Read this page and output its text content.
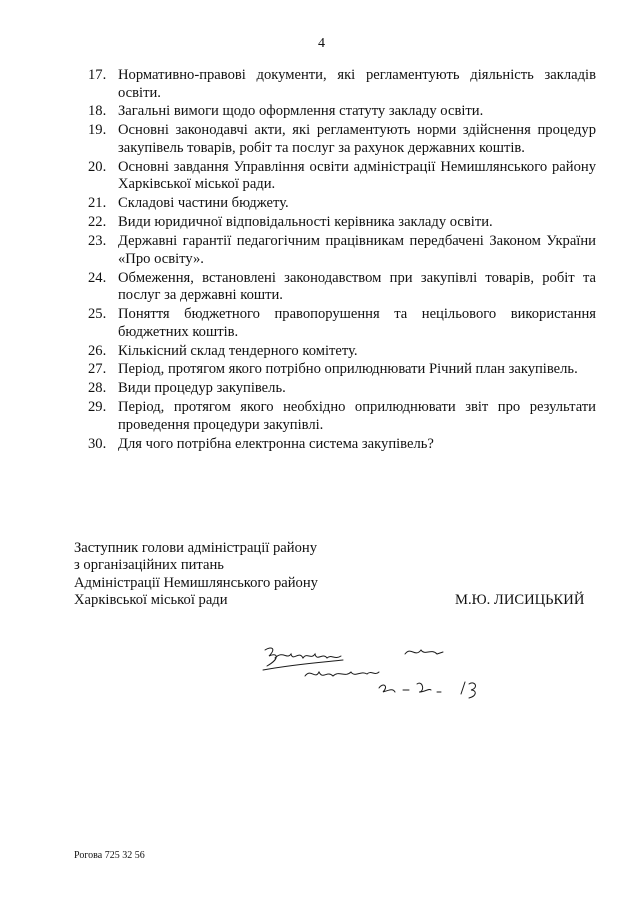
4
17. Нормативно-правові документи, які регламентують діяльність закладів освіти.
18. Загальні вимоги щодо оформлення статуту закладу освіти.
19. Основні законодавчі акти, які регламентують норми здійснення процедур закупівель товарів, робіт та послуг за рахунок державних коштів.
20. Основні завдання Управління освіти адміністрації Немишлянського району Харківської міської ради.
21. Складові частини бюджету.
22. Види юридичної відповідальності керівника закладу освіти.
23. Державні гарантії педагогічним працівникам передбачені Законом України «Про освіту».
24. Обмеження, встановлені законодавством при закупівлі товарів, робіт та послуг за державні кошти.
25. Поняття бюджетного правопорушення та нецільового використання бюджетних коштів.
26. Кількісний склад тендерного комітету.
27. Період, протягом якого потрібно оприлюднювати Річний план закупівель.
28. Види процедур закупівель.
29. Період, протягом якого необхідно оприлюднювати звіт про результати проведення процедури закупівлі.
30. Для чого потрібна електронна система закупівель?
Заступник голови адміністрації району
з організаційних питань
Адміністрації Немишлянського району
Харківської міської ради	М.Ю. ЛИСИЦЬКИЙ
Рогова 725 32 56
